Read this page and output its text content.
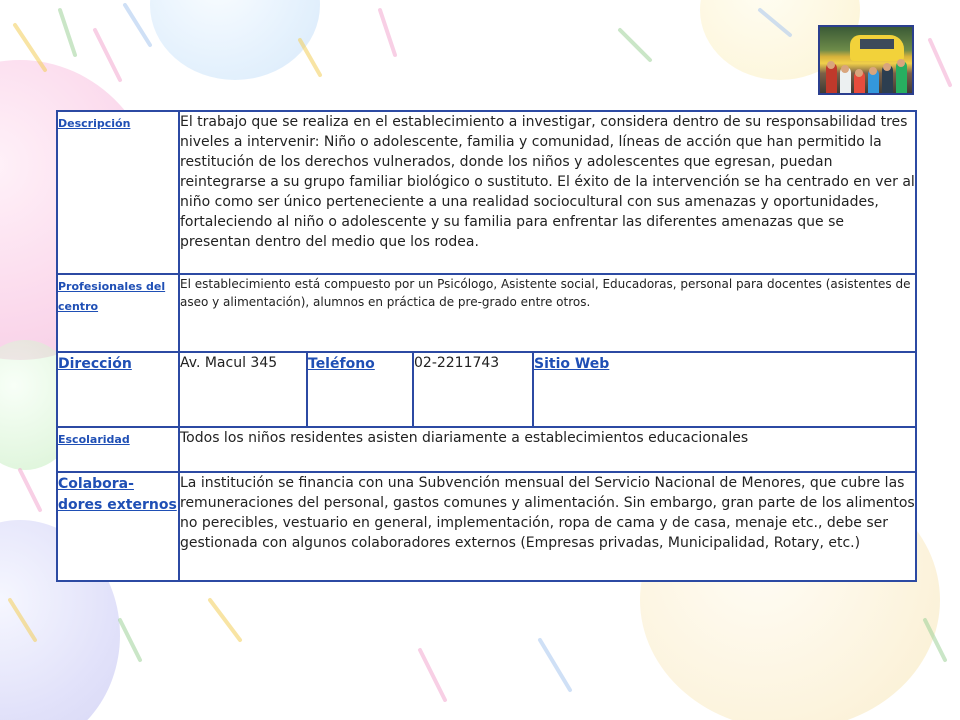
Descripción	El trabajo que se realiza en el establecimiento a investigar, considera dentro de su responsabilidad tres niveles a intervenir: Niño o adolescente, familia y comunidad, líneas de acción que han permitido la restitución de los derechos vulnerados, donde los niños y adolescentes que egresan, puedan reintegrarse a su grupo familiar biológico o sustituto. El éxito de la intervención se ha centrado en ver al niño como ser único perteneciente a una realidad sociocultural con sus amenazas y oportunidades, fortaleciendo al niño o adolescente y su familia para enfrentar las diferentes amenazas que se presentan dentro del medio que los rodea.			
Profesionales del centro	El establecimiento está compuesto por un Psicólogo, Asistente social, Educadoras, personal para docentes (asistentes de aseo y alimentación), alumnos en práctica de pre-grado entre otros.			
Dirección	Av. Macul 345	Teléfono	02-2211743	Sitio Web
Escolaridad	Todos los niños residentes asisten diariamente a establecimientos educacionales			
Colabora-dores externos	La institución se financia con una Subvención mensual del Servicio Nacional de Menores, que cubre las remuneraciones del personal, gastos comunes y alimentación. Sin embargo, gran parte de los alimentos no perecibles, vestuario en general, implementación, ropa de cama y de casa, menaje etc., debe ser gestionada con algunos colaboradores externos (Empresas privadas, Municipalidad, Rotary, etc.)			
